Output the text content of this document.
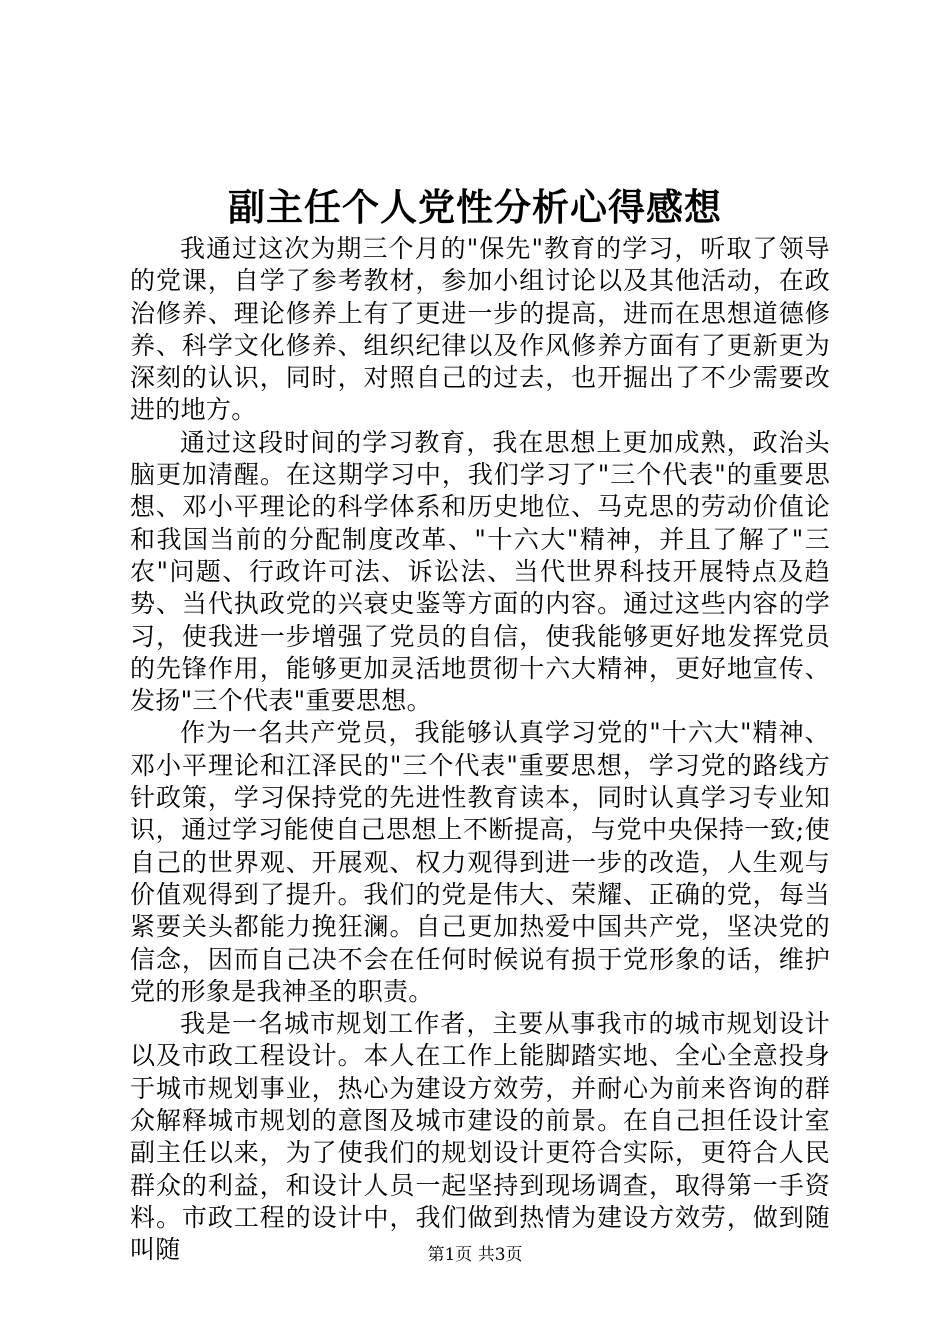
副主任个人党性分析心得感想

我通过这次为期三个月的"保先"教育的学习，听取了领导的党课，自学了参考教材，参加小组讨论以及其他活动，在政治修养、理论修养上有了更进一步的提高，进而在思想道德修养、科学文化修养、组织纪律以及作风修养方面有了更新更为深刻的认识，同时，对照自己的过去，也开掘出了不少需要改进的地方。

通过这段时间的学习教育，我在思想上更加成熟，政治头脑更加清醒。在这期学习中，我们学习了"三个代表"的重要思想、邓小平理论的科学体系和历史地位、马克思的劳动价值论和我国当前的分配制度改革、"十六大"精神，并且了解了"三农"问题、行政许可法、诉讼法、当代世界科技开展特点及趋势、当代执政党的兴衰史鉴等方面的内容。通过这些内容的学习，使我进一步增强了党员的自信，使我能够更好地发挥党员的先锋作用，能够更加灵活地贯彻十六大精神，更好地宣传、发扬"三个代表"重要思想。

作为一名共产党员，我能够认真学习党的"十六大"精神、邓小平理论和江泽民的"三个代表"重要思想，学习党的路线方针政策，学习保持党的先进性教育读本，同时认真学习专业知识，通过学习能使自己思想上不断提高，与党中央保持一致;使自己的世界观、开展观、权力观得到进一步的改造，人生观与价值观得到了提升。我们的党是伟大、荣耀、正确的党，每当紧要关头都能力挽狂澜。自己更加热爱中国共产党，坚决党的信念，因而自己决不会在任何时候说有损于党形象的话，维护党的形象是我神圣的职责。

我是一名城市规划工作者，主要从事我市的城市规划设计以及市政工程设计。本人在工作上能脚踏实地、全心全意投身于城市规划事业，热心为建设方效劳，并耐心为前来咨询的群众解释城市规划的意图及城市建设的前景。在自己担任设计室副主任以来，为了使我们的规划设计更符合实际，更符合人民群众的利益，和设计人员一起坚持到现场调查，取得第一手资料。市政工程的设计中，我们做到热情为建设方效劳，做到随叫随	第1页 共3页
